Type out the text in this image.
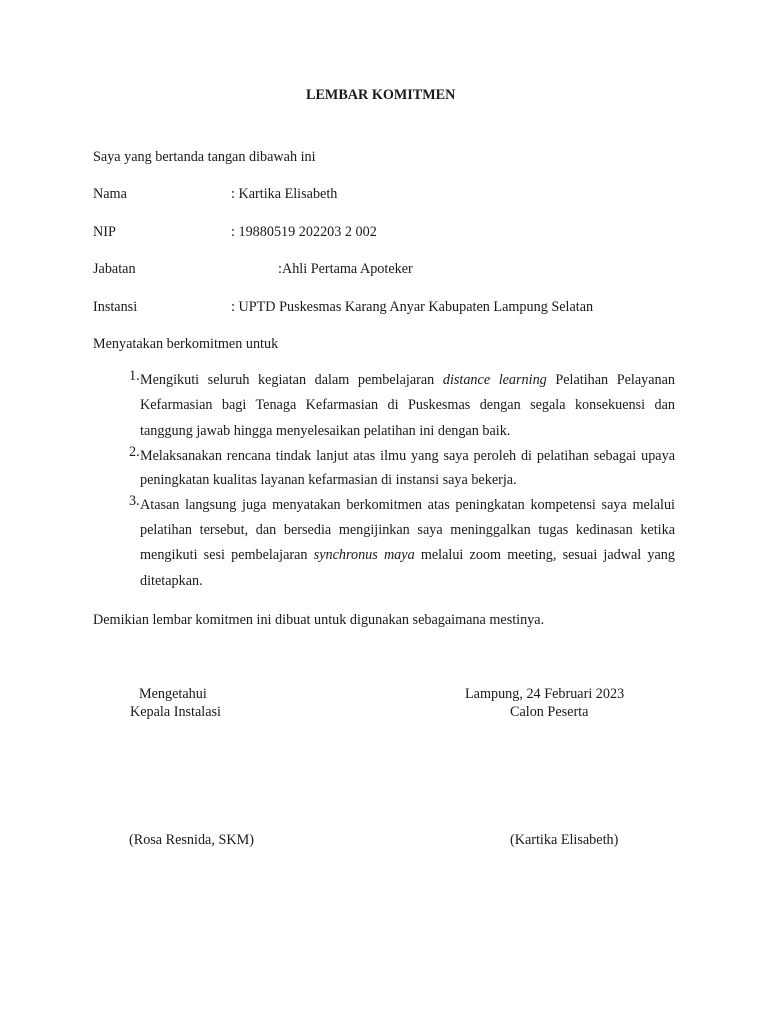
LEMBAR KOMITMEN
Saya yang bertanda tangan dibawah ini
Nama	: Kartika Elisabeth
NIP	: 19880519 202203 2 002
Jabatan	:Ahli Pertama Apoteker
Instansi	: UPTD Puskesmas Karang Anyar Kabupaten Lampung Selatan
Menyatakan berkomitmen untuk
1. Mengikuti seluruh kegiatan dalam pembelajaran distance learning Pelatihan Pelayanan Kefarmasian bagi Tenaga Kefarmasian di Puskesmas dengan segala konsekuensi dan tanggung jawab hingga menyelesaikan pelatihan ini dengan baik.
2. Melaksanakan rencana tindak lanjut atas ilmu yang saya peroleh di pelatihan sebagai upaya peningkatan kualitas layanan kefarmasian di instansi saya bekerja.
3. Atasan langsung juga menyatakan berkomitmen atas peningkatan kompetensi saya melalui pelatihan tersebut, dan bersedia mengijinkan saya meninggalkan tugas kedinasan ketika mengikuti sesi pembelajaran synchronus maya melalui zoom meeting, sesuai jadwal yang ditetapkan.
Demikian lembar komitmen ini dibuat untuk digunakan sebagaimana mestinya.
Mengetahui
Kepala Instalasi
(Rosa Resnida, SKM)
Lampung, 24 Februari 2023
Calon Peserta
(Kartika Elisabeth)
